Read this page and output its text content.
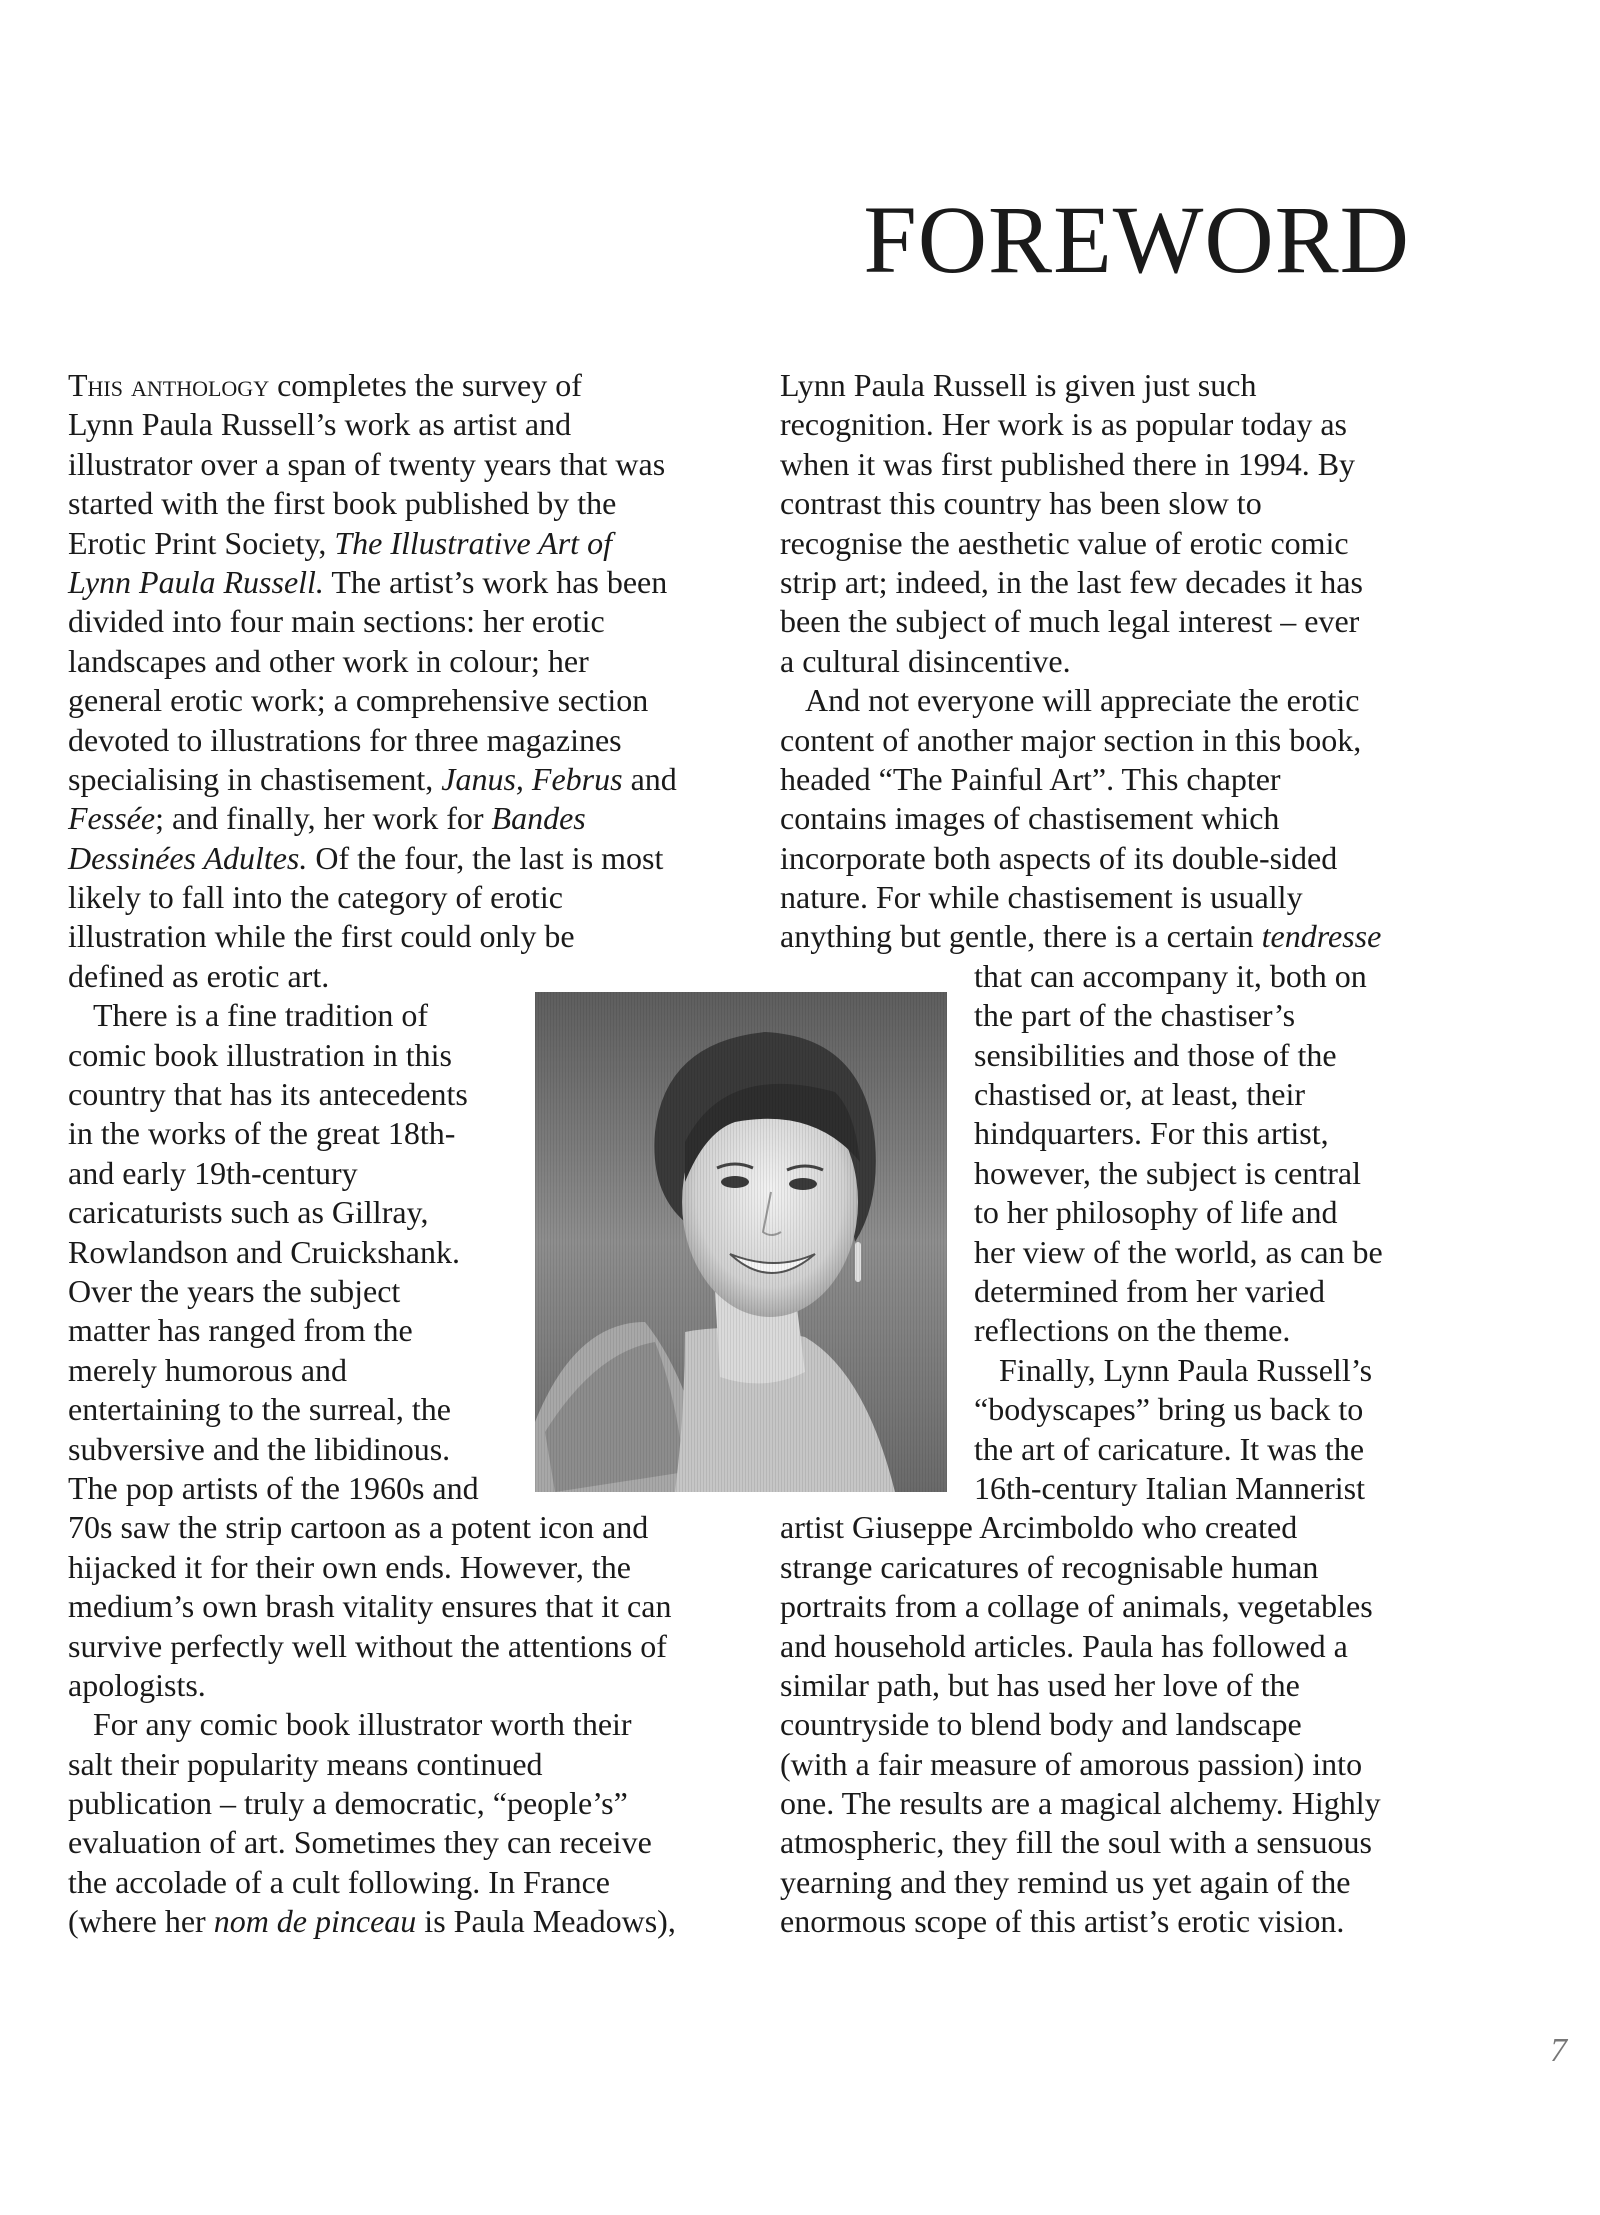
FOREWORD
This anthology completes the survey of
Lynn Paula Russell’s work as artist and
illustrator over a span of twenty years that was
started with the first book published by the
Erotic Print Society, The Illustrative Art of
Lynn Paula Russell. The artist’s work has been
divided into four main sections: her erotic
landscapes and other work in colour; her
general erotic work; a comprehensive section
devoted to illustrations for three magazines
specialising in chastisement, Janus, Februs and
Fessée; and finally, her work for Bandes
Dessinées Adultes. Of the four, the last is most
likely to fall into the category of erotic
illustration while the first could only be
defined as erotic art.
There is a fine tradition of
comic book illustration in this
country that has its antecedents
in the works of the great 18th-
and early 19th-century
caricaturists such as Gillray,
Rowlandson and Cruickshank.
Over the years the subject
matter has ranged from the
merely humorous and
entertaining to the surreal, the
subversive and the libidinous.
The pop artists of the 1960s and
70s saw the strip cartoon as a potent icon and
hijacked it for their own ends. However, the
medium’s own brash vitality ensures that it can
survive perfectly well without the attentions of
apologists.
For any comic book illustrator worth their
salt their popularity means continued
publication – truly a democratic, “people’s”
evaluation of art. Sometimes they can receive
the accolade of a cult following. In France
(where her nom de pinceau is Paula Meadows),
Lynn Paula Russell is given just such
recognition. Her work is as popular today as
when it was first published there in 1994. By
contrast this country has been slow to
recognise the aesthetic value of erotic comic
strip art; indeed, in the last few decades it has
been the subject of much legal interest – ever
a cultural disincentive.
And not everyone will appreciate the erotic
content of another major section in this book,
headed “The Painful Art”. This chapter
contains images of chastisement which
incorporate both aspects of its double-sided
nature. For while chastisement is usually
anything but gentle, there is a certain tendresse
that can accompany it, both on
the part of the chastiser’s
sensibilities and those of the
chastised or, at least, their
hindquarters. For this artist,
however, the subject is central
to her philosophy of life and
her view of the world, as can be
determined from her varied
reflections on the theme.
Finally, Lynn Paula Russell’s
“bodyscapes” bring us back to
the art of caricature. It was the
16th-century Italian Mannerist
artist Giuseppe Arcimboldo who created
strange caricatures of recognisable human
portraits from a collage of animals, vegetables
and household articles. Paula has followed a
similar path, but has used her love of the
countryside to blend body and landscape
(with a fair measure of amorous passion) into
one. The results are a magical alchemy. Highly
atmospheric, they fill the soul with a sensuous
yearning and they remind us yet again of the
enormous scope of this artist’s erotic vision.
7
